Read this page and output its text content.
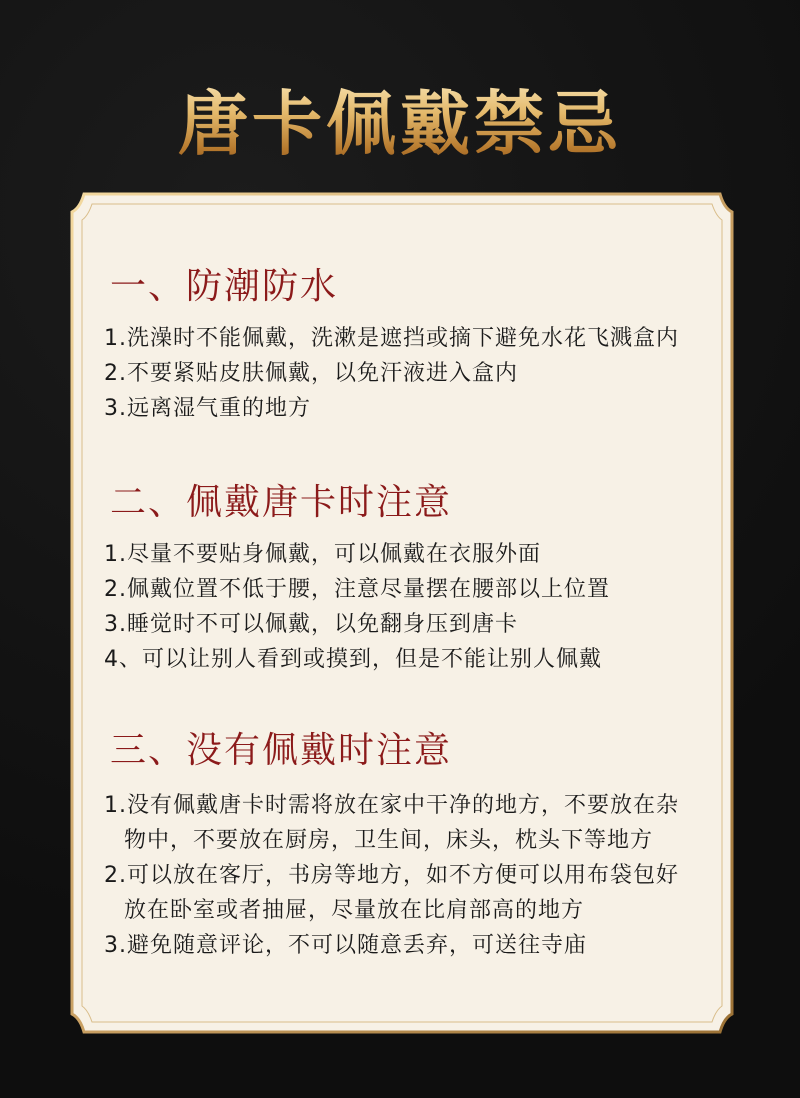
唐卡佩戴禁忌
一、防潮防水
1.洗澡时不能佩戴，洗漱是遮挡或摘下避免水花飞溅盒内
2.不要紧贴皮肤佩戴，以免汗液进入盒内
3.远离湿气重的地方
二、佩戴唐卡时注意
1.尽量不要贴身佩戴，可以佩戴在衣服外面
2.佩戴位置不低于腰，注意尽量摆在腰部以上位置
3.睡觉时不可以佩戴，以免翻身压到唐卡
4、可以让别人看到或摸到，但是不能让别人佩戴
三、没有佩戴时注意
1.没有佩戴唐卡时需将放在家中干净的地方，不要放在杂
物中，不要放在厨房，卫生间，床头，枕头下等地方
2.可以放在客厅，书房等地方，如不方便可以用布袋包好
放在卧室或者抽屉，尽量放在比肩部高的地方
3.避免随意评论，不可以随意丢弃，可送往寺庙
